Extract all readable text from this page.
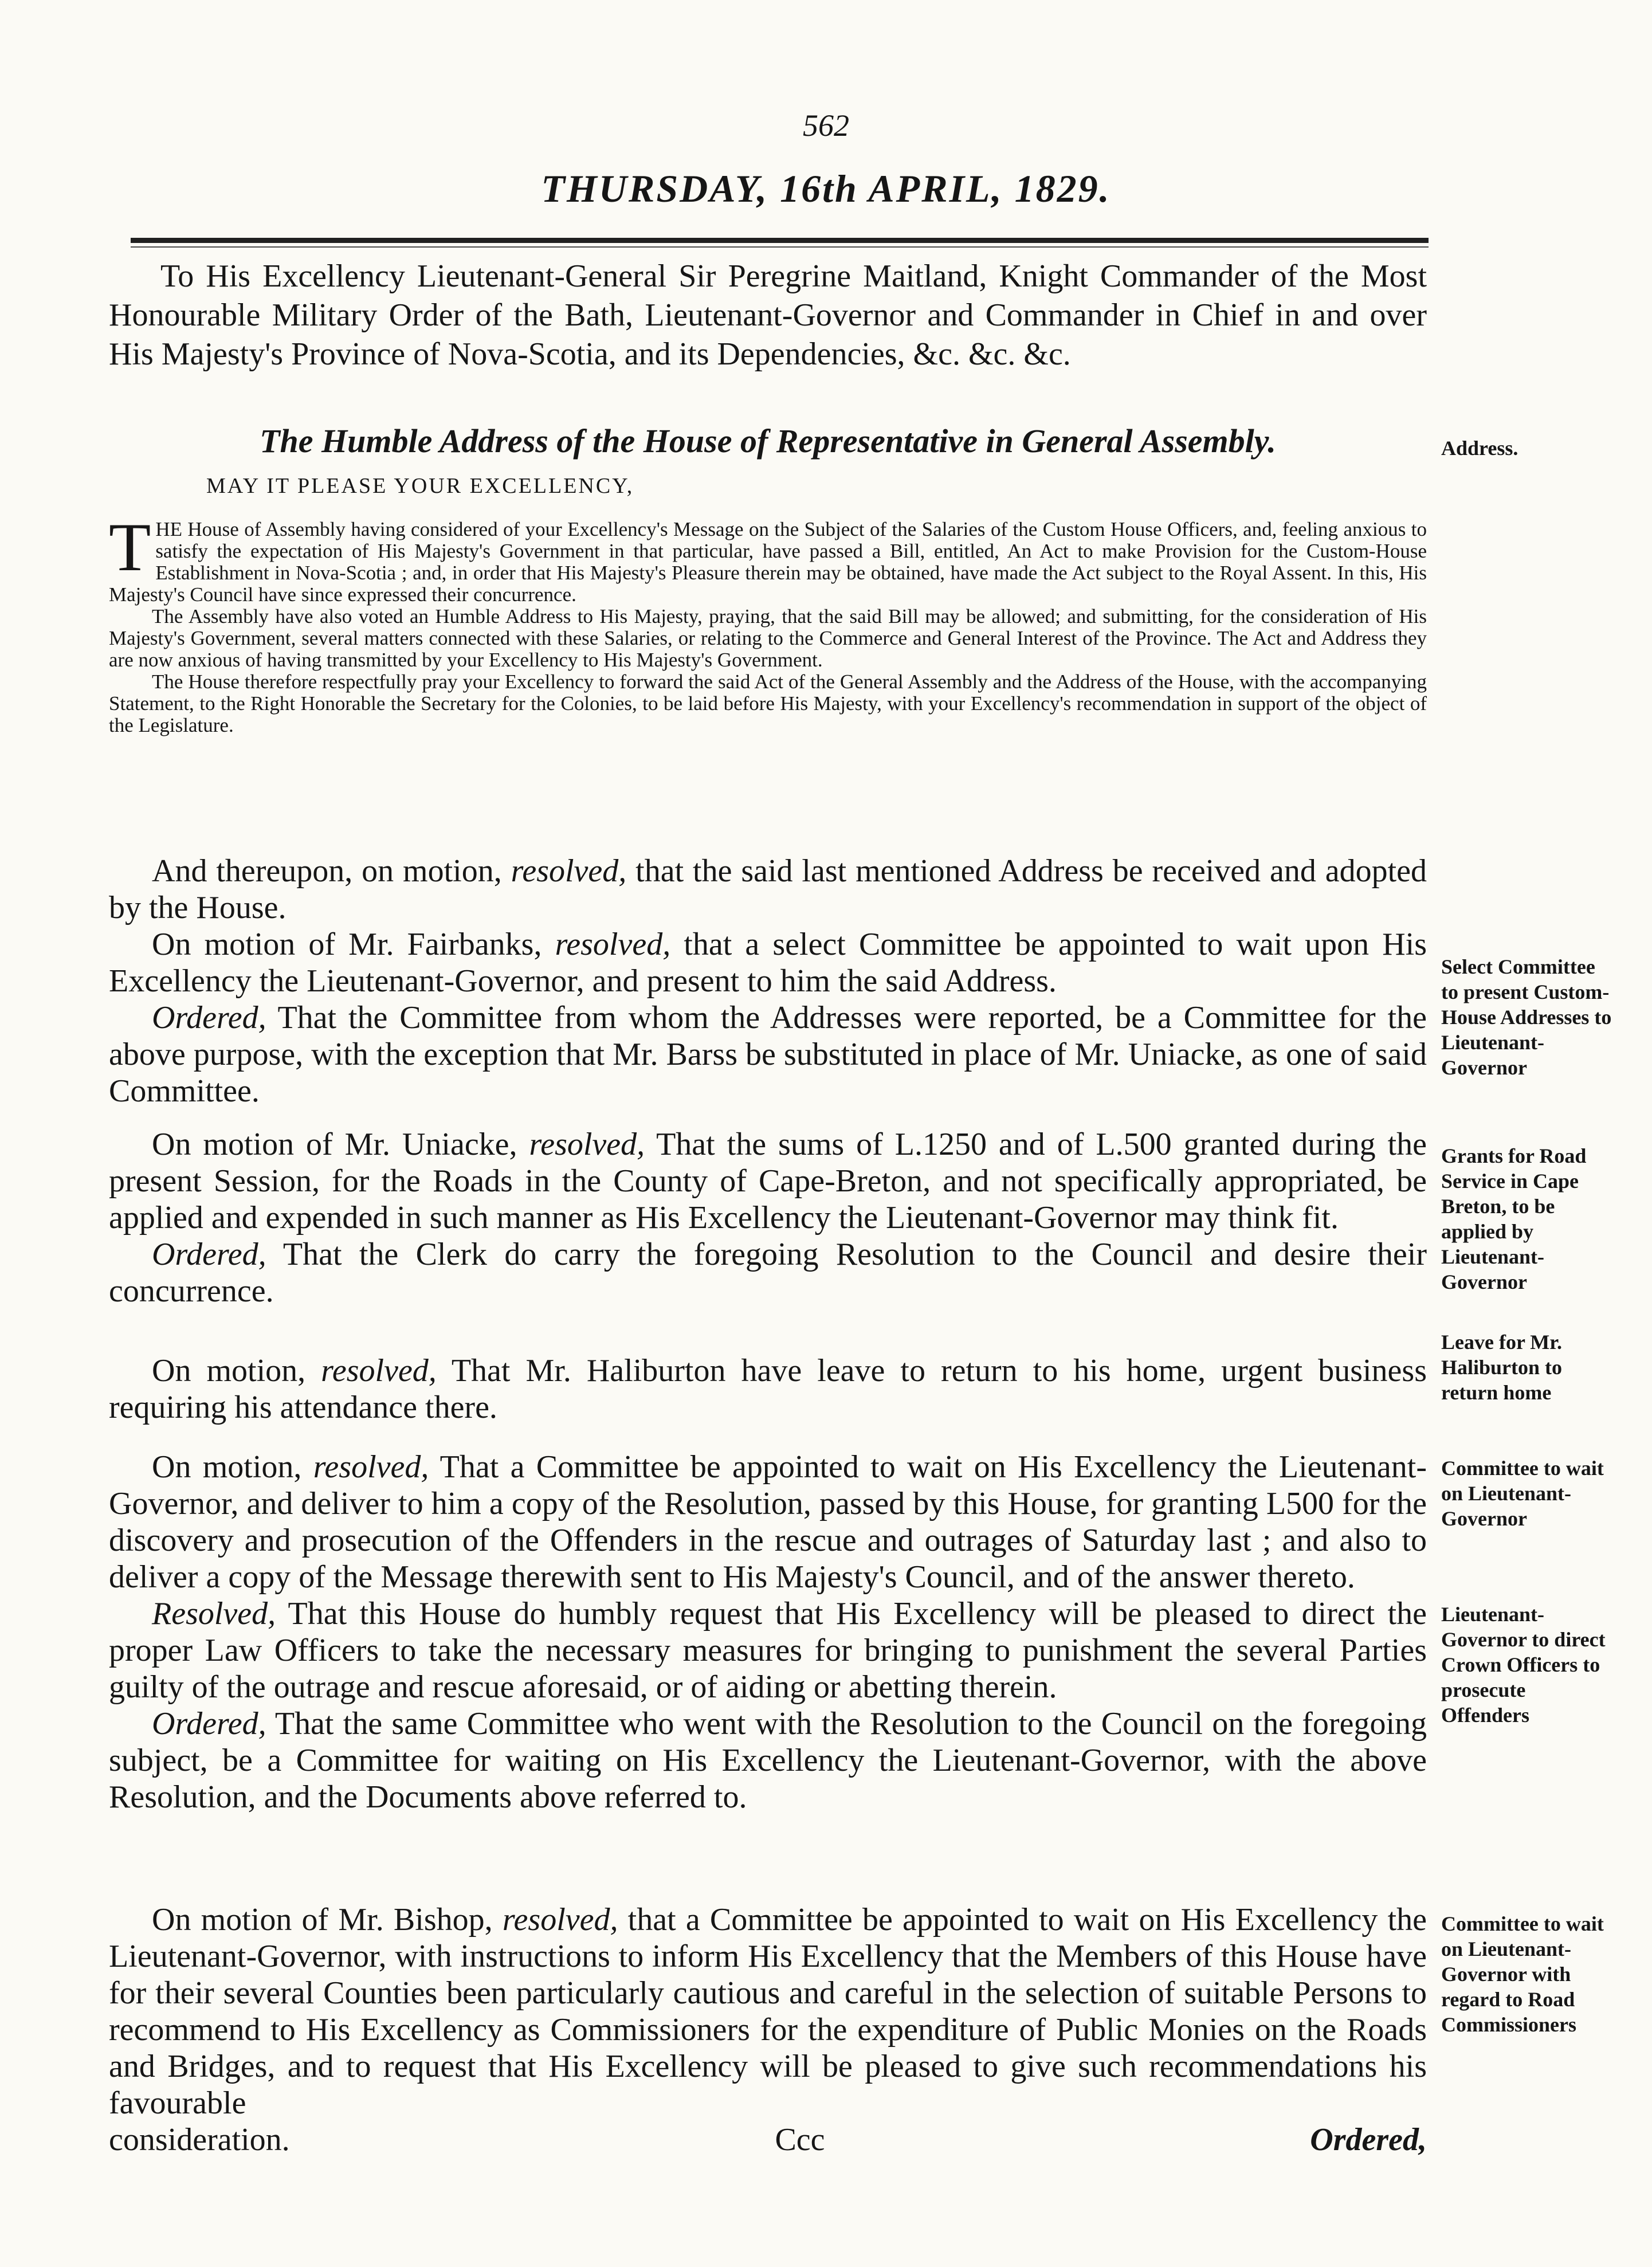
562
THURSDAY, 16th APRIL, 1829.

To His Excellency Lieutenant-General Sir Peregrine Maitland, Knight Commander of the Most Honourable Military Order of the Bath, Lieutenant-Governor and Commander in Chief in and over His Majesty's Province of Nova-Scotia, and its Dependencies, &c. &c. &c.

The Humble Address of the House of Representative in General Assembly.	Address.

MAY IT PLEASE YOUR EXCELLENCY,

THE House of Assembly having considered of your Excellency's Message on the Subject of the Salaries of the Custom House Officers, and, feeling anxious to satisfy the expectation of His Majesty's Government in that particular, have passed a Bill, entitled, An Act to make Provision for the Custom-House Establishment in Nova-Scotia ; and, in order that His Majesty's Pleasure therein may be obtained, have made the Act subject to the Royal Assent. In this, His Majesty's Council have since expressed their concurrence.

The Assembly have also voted an Humble Address to His Majesty, praying, that the said Bill may be allowed; and submitting, for the consideration of His Majesty's Government, several matters connected with these Salaries, or relating to the Commerce and General Interest of the Province. The Act and Address they are now anxious of having transmitted by your Excellency to His Majesty's Government.

The House therefore respectfully pray your Excellency to forward the said Act of the General Assembly and the Address of the House, with the accompanying Statement, to the Right Honorable the Secretary for the Colonies, to be laid before His Majesty, with your Excellency's recommendation in support of the object of the Legislature.

And thereupon, on motion, resolved, that the said last mentioned Address be received and adopted by the House.

On motion of Mr. Fairbanks, resolved, that a select Committee be appointed to wait upon His Excellency the Lieutenant-Governor, and present to him the said Address.

Ordered, That the Committee from whom the Addresses were reported, be a Committee for the above purpose, with the exception that Mr. Barss be substituted in place of Mr. Uniacke, as one of said Committee.

Select Committee to present Custom-House Addresses to Lieutenant-Governor

On motion of Mr. Uniacke, resolved, That the sums of L.1250 and of L.500 granted during the present Session, for the Roads in the County of Cape-Breton, and not specifically appropriated, be applied and expended in such manner as His Excellency the Lieutenant-Governor may think fit.

Ordered, That the Clerk do carry the foregoing Resolution to the Council and desire their concurrence.

Grants for Road Service in Cape Breton, to be applied by Lieutenant-Governor

On motion, resolved, That Mr. Haliburton have leave to return to his home, urgent business requiring his attendance there.

Leave for Mr. Haliburton to return home

On motion, resolved, That a Committee be appointed to wait on His Excellency the Lieutenant-Governor, and deliver to him a copy of the Resolution, passed by this House, for granting L500 for the discovery and prosecution of the Offenders in the rescue and outrages of Saturday last ; and also to deliver a copy of the Message therewith sent to His Majesty's Council, and of the answer thereto.

Resolved, That this House do humbly request that His Excellency will be pleased to direct the proper Law Officers to take the necessary measures for bringing to punishment the several Parties guilty of the outrage and rescue aforesaid, or of aiding or abetting therein.

Ordered, That the same Committee who went with the Resolution to the Council on the foregoing subject, be a Committee for waiting on His Excellency the Lieutenant-Governor, with the above Resolution, and the Documents above referred to.

Committee to wait on Lieutenant-Governor
Lieutenant-Governor to direct Crown Officers to prosecute Offenders

On motion of Mr. Bishop, resolved, that a Committee be appointed to wait on His Excellency the Lieutenant-Governor, with instructions to inform His Excellency that the Members of this House have for their several Counties been particularly cautious and careful in the selection of suitable Persons to recommend to His Excellency as Commissioners for the expenditure of Public Monies on the Roads and Bridges, and to request that His Excellency will be pleased to give such recommendations his favourable

consideration.	Ccc	Ordered,
Committee to wait on Lieutenant-Governor with regard to Road Commissioners
